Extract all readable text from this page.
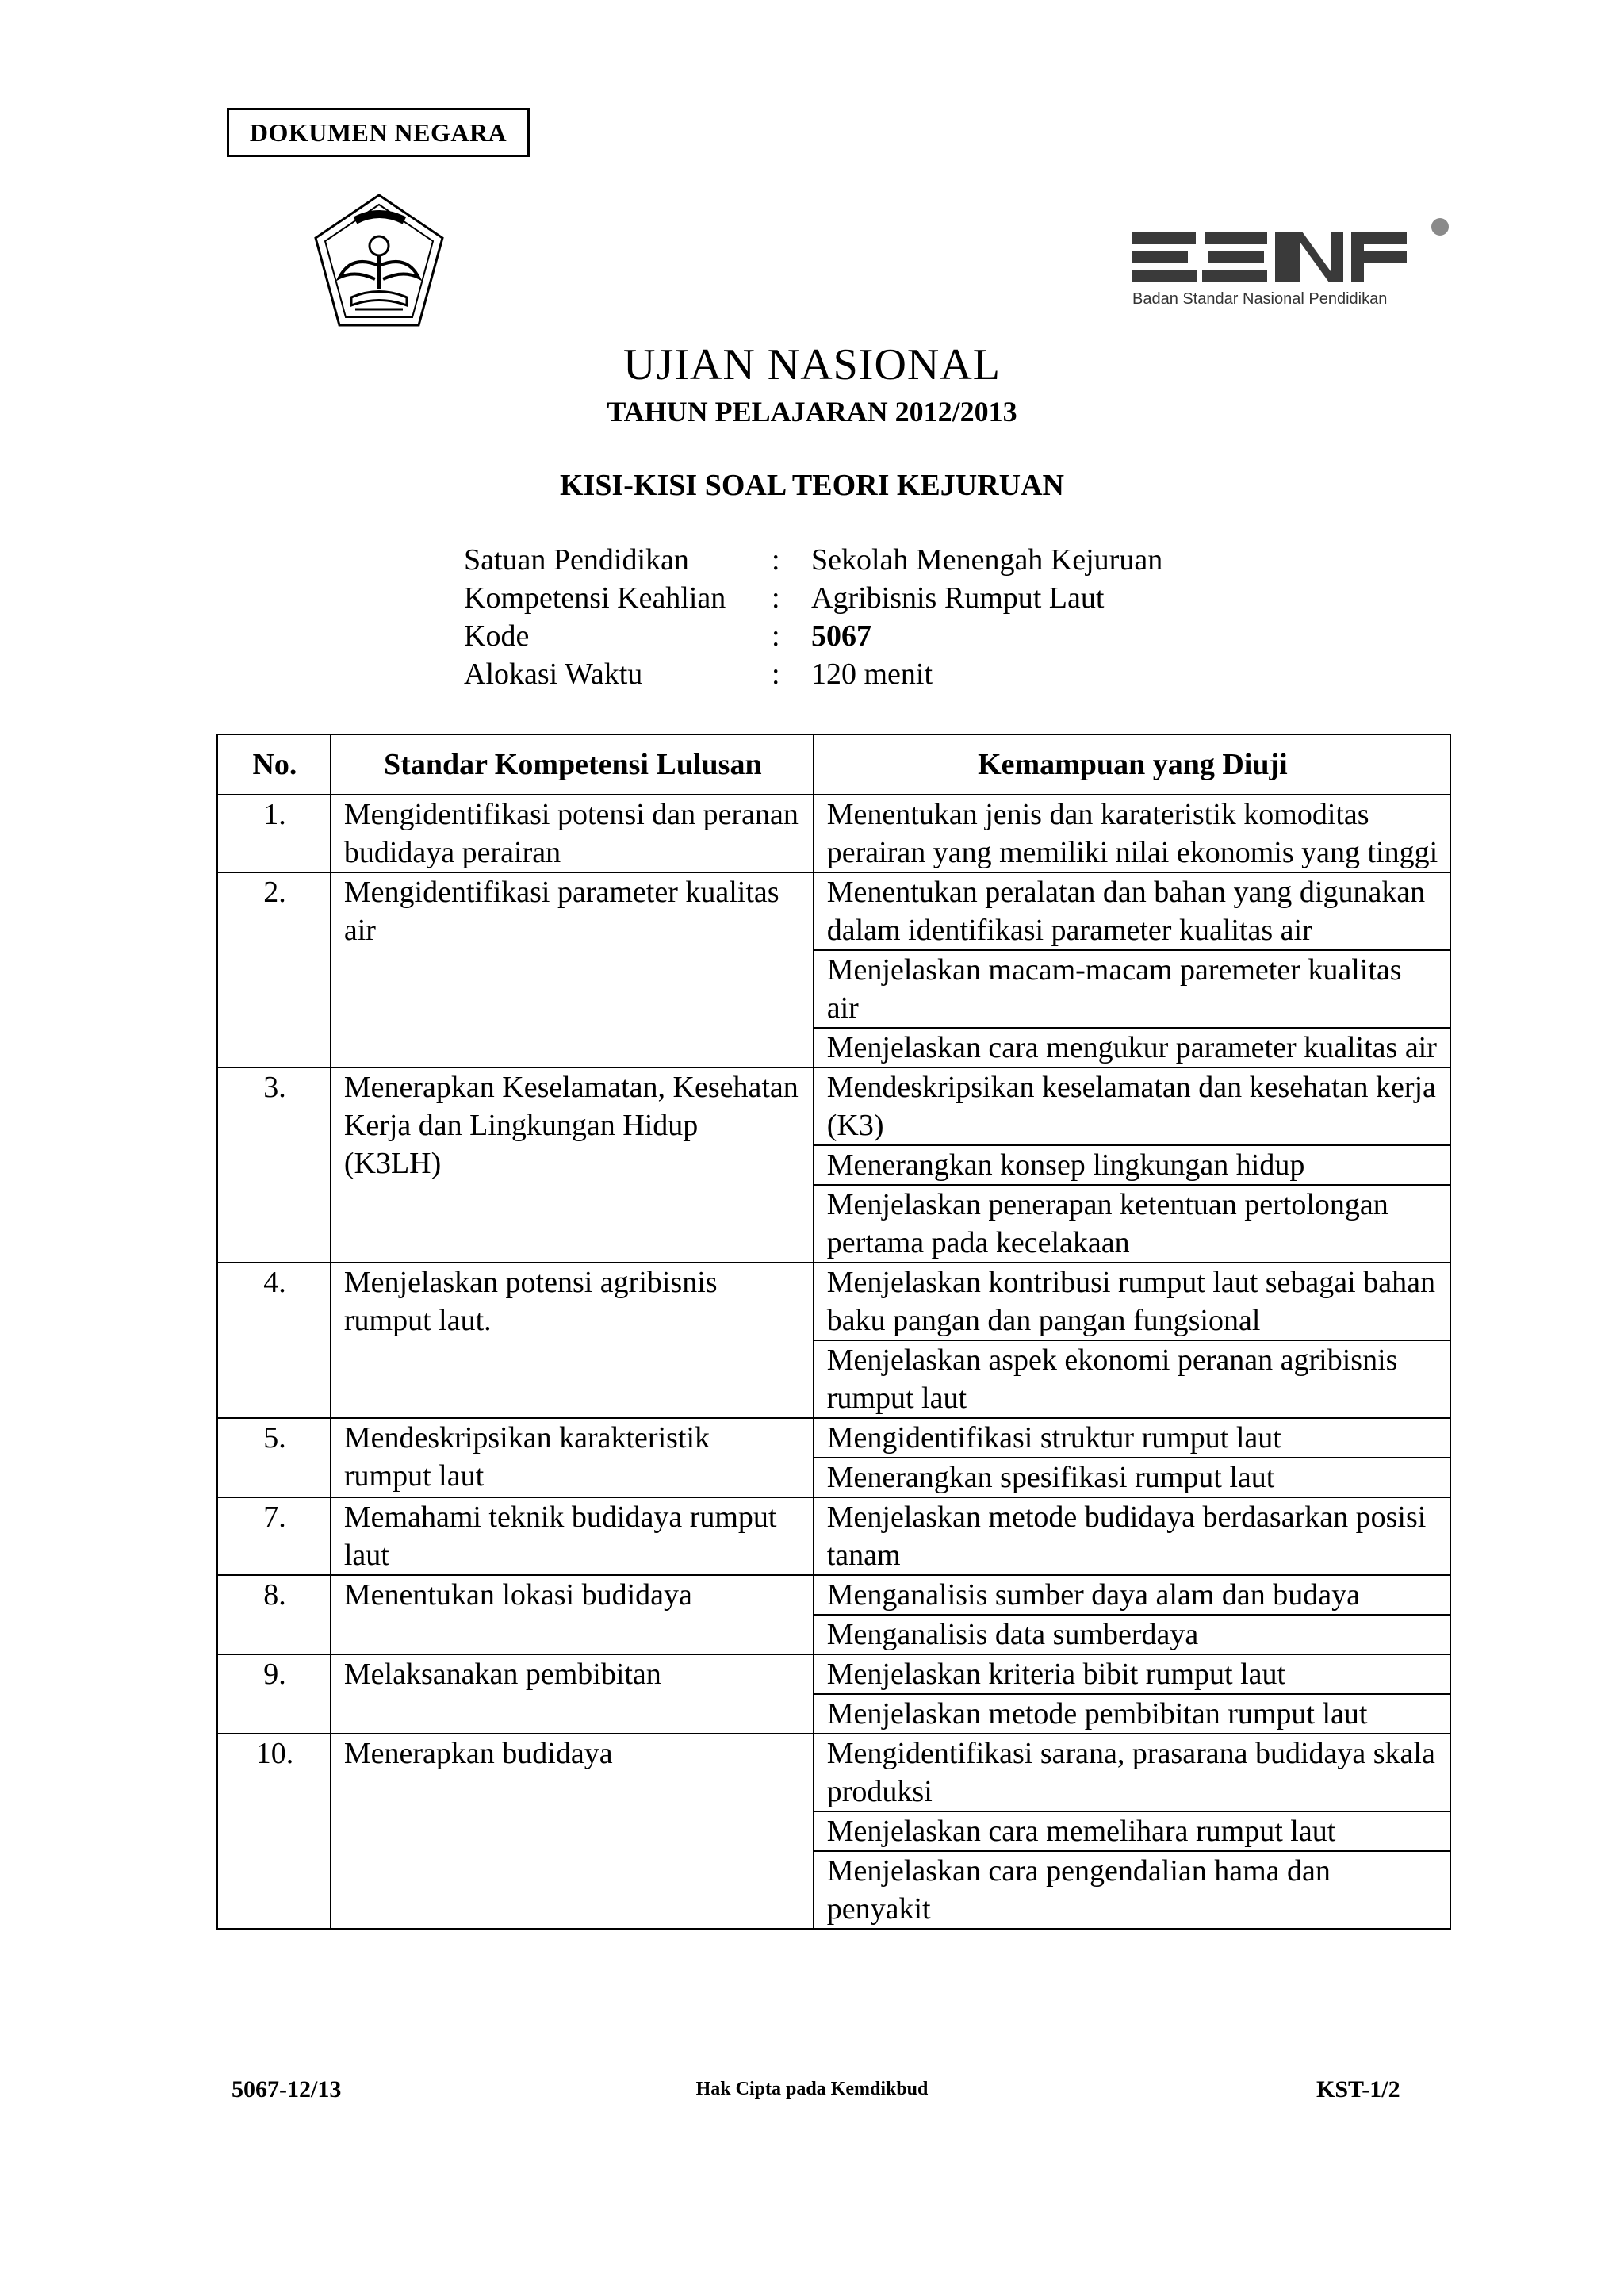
DOKUMEN NEGARA
Badan Standar Nasional Pendidikan
UJIAN NASIONAL
TAHUN PELAJARAN 2012/2013
KISI-KISI SOAL TEORI KEJURUAN
Satuan Pendidikan	:	Sekolah Menengah Kejuruan
Kompetensi Keahlian	:	Agribisnis Rumput Laut
Kode	:	5067
Alokasi Waktu	:	120 menit
No.	Standar Kompetensi Lulusan	Kemampuan yang Diuji
1.	Mengidentifikasi potensi dan peranan budidaya perairan	Menentukan jenis dan karateristik komoditas perairan yang memiliki nilai ekonomis yang tinggi
2.	Mengidentifikasi parameter kualitas air	Menentukan peralatan dan bahan yang digunakan dalam identifikasi parameter kualitas air
		Menjelaskan macam-macam paremeter kualitas air
		Menjelaskan cara mengukur parameter kualitas air
3.	Menerapkan Keselamatan, Kesehatan Kerja dan Lingkungan Hidup (K3LH)	Mendeskripsikan keselamatan dan kesehatan kerja (K3)
		Menerangkan konsep lingkungan hidup
		Menjelaskan penerapan ketentuan pertolongan pertama pada kecelakaan
4.	Menjelaskan potensi agribisnis rumput laut.	Menjelaskan kontribusi rumput laut sebagai bahan baku pangan dan pangan fungsional
		Menjelaskan aspek ekonomi peranan agribisnis rumput laut
5.	Mendeskripsikan karakteristik rumput laut	Mengidentifikasi struktur rumput laut
		Menerangkan spesifikasi rumput laut
7.	Memahami teknik budidaya rumput laut	Menjelaskan metode budidaya berdasarkan posisi tanam
8.	Menentukan lokasi budidaya	Menganalisis sumber daya alam dan budaya
		Menganalisis data sumberdaya
9.	Melaksanakan pembibitan	Menjelaskan kriteria bibit rumput laut
		Menjelaskan metode pembibitan rumput laut
10.	Menerapkan budidaya	Mengidentifikasi sarana, prasarana budidaya skala produksi
		Menjelaskan cara memelihara rumput laut
		Menjelaskan cara pengendalian hama dan penyakit
5067-12/13	Hak Cipta pada Kemdikbud	KST-1/2
